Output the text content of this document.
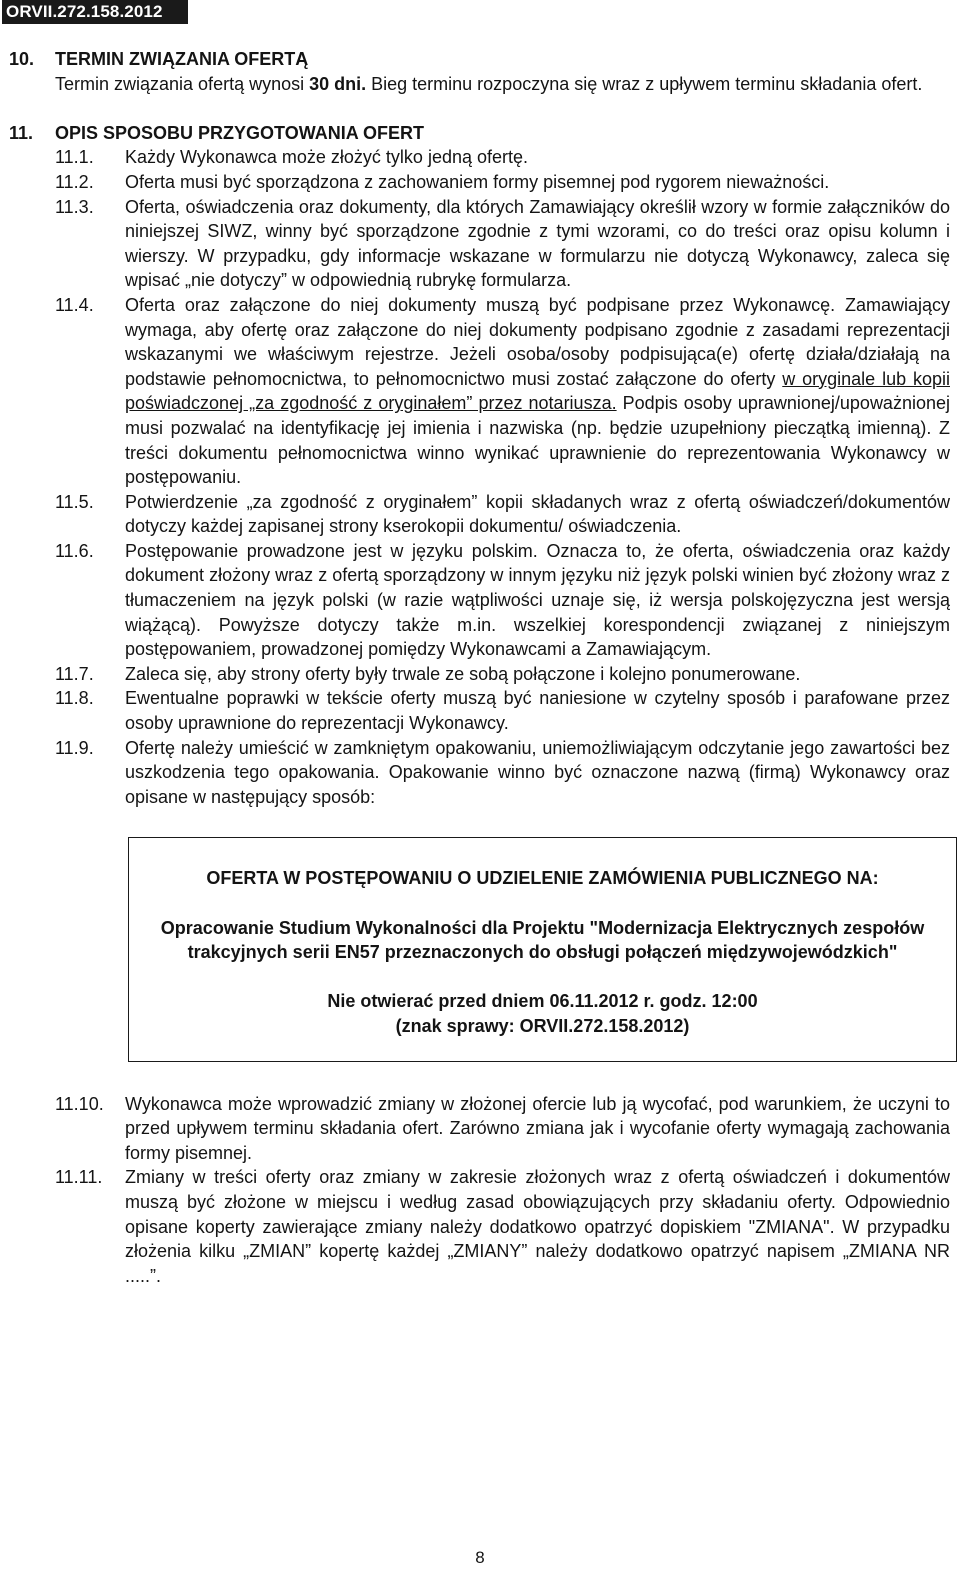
ORVII.272.158.2012
10.	TERMIN ZWIĄZANIA OFERTĄ
Termin związania ofertą wynosi 30 dni. Bieg terminu rozpoczyna się wraz z upływem terminu składania ofert.
11.	OPIS SPOSOBU PRZYGOTOWANIA OFERT
11.1.	Każdy Wykonawca może złożyć tylko jedną ofertę.
11.2.	Oferta musi być sporządzona z zachowaniem formy pisemnej pod rygorem nieważności.
11.3.	Oferta, oświadczenia oraz dokumenty, dla których Zamawiający określił wzory w formie załączników do niniejszej SIWZ, winny być sporządzone zgodnie z tymi wzorami, co do treści oraz opisu kolumn i wierszy. W przypadku, gdy informacje wskazane w formularzu nie dotyczą Wykonawcy, zaleca się wpisać „nie dotyczy” w odpowiednią rubrykę formularza.
11.4.	Oferta oraz załączone do niej dokumenty muszą być podpisane przez Wykonawcę. Zamawiający wymaga, aby ofertę oraz załączone do niej dokumenty podpisano zgodnie z zasadami reprezentacji wskazanymi we właściwym rejestrze. Jeżeli osoba/osoby podpisująca(e) ofertę działa/działają na podstawie pełnomocnictwa, to pełnomocnictwo musi zostać załączone do oferty w oryginale lub kopii poświadczonej „za zgodność z oryginałem” przez notariusza. Podpis osoby uprawnionej/upoważnionej musi pozwalać na identyfikację jej imienia i nazwiska (np. będzie uzupełniony pieczątką imienną). Z treści dokumentu pełnomocnictwa winno wynikać uprawnienie do reprezentowania Wykonawcy w postępowaniu.
11.5.	Potwierdzenie „za zgodność z oryginałem” kopii składanych wraz z ofertą oświadczeń/dokumentów dotyczy każdej zapisanej strony kserokopii dokumentu/ oświadczenia.
11.6.	Postępowanie prowadzone jest w języku polskim. Oznacza to, że oferta, oświadczenia oraz każdy dokument złożony wraz z ofertą sporządzony w innym języku niż język polski winien być złożony wraz z tłumaczeniem na język polski (w razie wątpliwości uznaje się, iż wersja polskojęzyczna jest wersją wiążącą). Powyższe dotyczy także m.in. wszelkiej korespondencji związanej z niniejszym postępowaniem, prowadzonej pomiędzy Wykonawcami a Zamawiającym.
11.7.	Zaleca się, aby strony oferty były trwale ze sobą połączone i kolejno ponumerowane.
11.8.	Ewentualne poprawki w tekście oferty muszą być naniesione w czytelny sposób i parafowane przez osoby uprawnione do reprezentacji Wykonawcy.
11.9.	Ofertę należy umieścić w zamkniętym opakowaniu, uniemożliwiającym odczytanie jego zawartości bez uszkodzenia tego opakowania. Opakowanie winno być oznaczone nazwą (firmą) Wykonawcy oraz opisane w następujący sposób:
OFERTA W POSTĘPOWANIU O UDZIELENIE ZAMÓWIENIA PUBLICZNEGO NA:
Opracowanie Studium Wykonalności dla Projektu "Modernizacja Elektrycznych zespołów trakcyjnych serii EN57 przeznaczonych do obsługi połączeń międzywojewódzkich"
Nie otwierać przed dniem 06.11.2012 r. godz. 12:00
(znak sprawy: ORVII.272.158.2012)
11.10.	Wykonawca może wprowadzić zmiany w złożonej ofercie lub ją wycofać, pod warunkiem, że uczyni to przed upływem terminu składania ofert. Zarówno zmiana jak i wycofanie oferty wymagają zachowania formy pisemnej.
11.11.	Zmiany w treści oferty oraz zmiany w zakresie złożonych wraz z ofertą oświadczeń i dokumentów muszą być złożone w miejscu i według zasad obowiązujących przy składaniu oferty. Odpowiednio opisane koperty zawierające zmiany należy dodatkowo opatrzyć dopiskiem "ZMIANA". W przypadku złożenia kilku „ZMIAN” kopertę każdej „ZMIANY” należy dodatkowo opatrzyć napisem „ZMIANA NR .....”.
8
